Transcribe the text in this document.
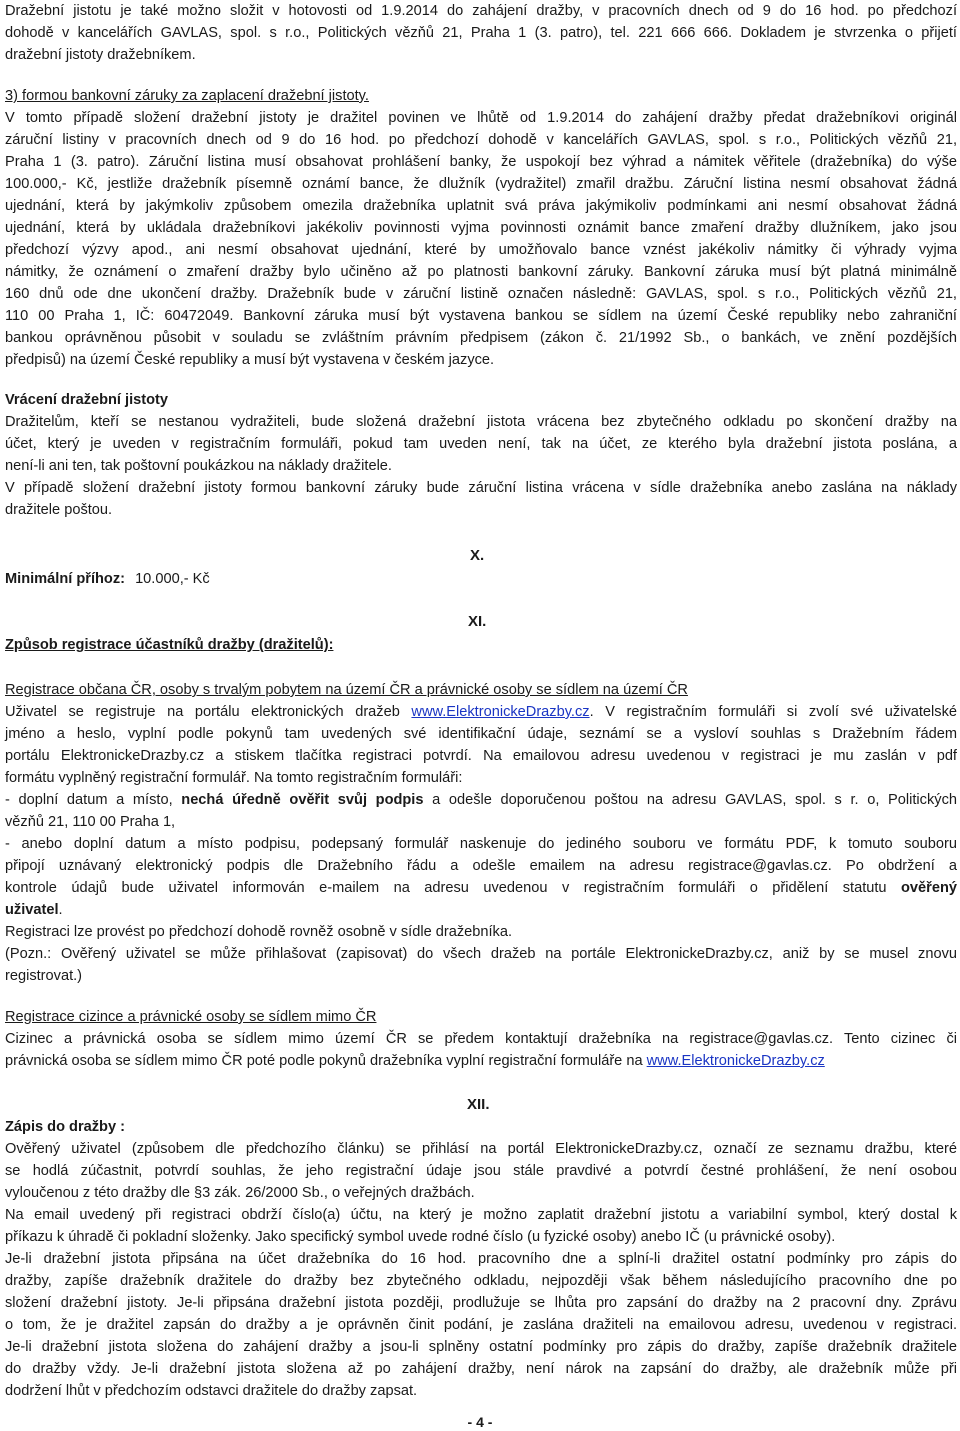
Dražební jistotu je také možno složit v hotovosti od 1.9.2014 do zahájení dražby, v pracovních dnech od 9 do 16 hod. po předchozí
dohodě v kancelářích GAVLAS, spol. s r.o., Politických vězňů 21, Praha 1 (3. patro), tel. 221 666 666. Dokladem je stvrzenka o přijetí
dražební jistoty dražebníkem.
3) formou bankovní záruky za zaplacení dražební jistoty.
V tomto případě složení dražební jistoty je dražitel povinen ve lhůtě od 1.9.2014 do zahájení dražby předat dražebníkovi originál
záruční listiny v pracovních dnech od 9 do 16 hod. po předchozí dohodě v kancelářích GAVLAS, spol. s r.o., Politických vězňů 21,
Praha 1 (3. patro). Záruční listina musí obsahovat prohlášení banky, že uspokojí bez výhrad a námitek věřitele (dražebníka) do výše
100.000,- Kč, jestliže dražebník písemně oznámí bance, že dlužník (vydražitel) zmařil dražbu. Záruční listina nesmí obsahovat žádná
ujednání, která by jakýmkoliv způsobem omezila dražebníka uplatnit svá práva jakýmikoliv podmínkami ani nesmí obsahovat žádná
ujednání, která by ukládala dražebníkovi jakékoliv povinnosti vyjma povinnosti oznámit bance zmaření dražby dlužníkem, jako jsou
předchozí výzvy apod., ani nesmí obsahovat ujednání, které by umožňovalo bance vznést jakékoliv námitky či výhrady vyjma
námitky, že oznámení o zmaření dražby bylo učiněno až po platnosti bankovní záruky. Bankovní záruka musí být platná minimálně
160 dnů ode dne ukončení dražby. Dražebník bude v záruční listině označen následně: GAVLAS, spol. s r.o., Politických vězňů 21,
110 00 Praha 1, IČ: 60472049. Bankovní záruka musí být vystavena bankou se sídlem na území České republiky nebo zahraniční
bankou oprávněnou působit v souladu se zvláštním právním předpisem (zákon č. 21/1992 Sb., o bankách, ve znění pozdějších
předpisů) na území České republiky a musí být vystavena v českém jazyce.
Vrácení dražební jistoty
Dražitelům, kteří se nestanou vydražiteli, bude složená dražební jistota vrácena bez zbytečného odkladu po skončení dražby na
účet, který je uveden v registračním formuláři, pokud tam uveden není, tak na účet, ze kterého byla dražební jistota poslána, a
není-li ani ten, tak poštovní poukázkou na náklady dražitele.
V případě složení dražební jistoty formou bankovní záruky bude záruční listina vrácena v sídle dražebníka anebo zaslána na náklady
dražitele poštou.
X.
Minimální příhoz: 10.000,- Kč
XI.
Způsob registrace účastníků dražby (dražitelů):
Registrace občana ČR, osoby s trvalým pobytem na území ČR a právnické osoby se sídlem na území ČR
Uživatel se registruje na portálu elektronických dražeb www.ElektronickeDrazby.cz. V registračním formuláři si zvolí své uživatelské
jméno a heslo, vyplní podle pokynů tam uvedených své identifikační údaje, seznámí se a vysloví souhlas s Dražebním řádem
portálu ElektronickeDrazby.cz a stiskem tlačítka registraci potvrdí. Na emailovou adresu uvedenou v registraci je mu zaslán v pdf
formátu vyplněný registrační formulář. Na tomto registračním formuláři:
- doplní datum a místo, nechá úředně ověřit svůj podpis a odešle doporučenou poštou na adresu GAVLAS, spol. s r. o, Politických
vězňů 21, 110 00 Praha 1,
- anebo doplní datum a místo podpisu, podepsaný formulář naskenuje do jediného souboru ve formátu PDF, k tomuto souboru
připojí uznávaný elektronický podpis dle Dražebního řádu a odešle emailem na adresu registrace@gavlas.cz. Po obdržení a
kontrole údajů bude uživatel informován e-mailem na adresu uvedenou v registračním formuláři o přidělení statutu ověřený
uživatel.
Registraci lze provést po předchozí dohodě rovněž osobně v sídle dražebníka.
(Pozn.: Ověřený uživatel se může přihlašovat (zapisovat) do všech dražeb na portále ElektronickeDrazby.cz, aniž by se musel znovu
registrovat.)
Registrace cizince a právnické osoby se sídlem mimo ČR
Cizinec a právnická osoba se sídlem mimo území ČR se předem kontaktují dražebníka na registrace@gavlas.cz. Tento cizinec či
právnická osoba se sídlem mimo ČR poté podle pokynů dražebníka vyplní registrační formuláře na www.ElektronickeDrazby.cz
XII.
Zápis do dražby :
Ověřený uživatel (způsobem dle předchozího článku) se přihlásí na portál ElektronickeDrazby.cz, označí ze seznamu dražbu, které
se hodlá zúčastnit, potvrdí souhlas, že jeho registrační údaje jsou stále pravdivé a potvrdí čestné prohlášení, že není osobou
vyloučenou z této dražby dle §3 zák. 26/2000 Sb., o veřejných dražbách.
Na email uvedený při registraci obdrží číslo(a) účtu, na který je možno zaplatit dražební jistotu a variabilní symbol, který dostal k
příkazu k úhradě či pokladní složenky. Jako specifický symbol uvede rodné číslo (u fyzické osoby) anebo IČ (u právnické osoby).
Je-li dražební jistota připsána na účet dražebníka do 16 hod. pracovního dne a splní-li dražitel ostatní podmínky pro zápis do
dražby, zapíše dražebník dražitele do dražby bez zbytečného odkladu, nejpozději však během následujícího pracovního dne po
složení dražební jistoty. Je-li připsána dražební jistota později, prodlužuje se lhůta pro zapsání do dražby na 2 pracovní dny. Zprávu
o tom, že je dražitel zapsán do dražby a je oprávněn činit podání, je zaslána dražiteli na emailovou adresu, uvedenou v registraci.
Je-li dražební jistota složena do zahájení dražby a jsou-li splněny ostatní podmínky pro zápis do dražby, zapíše dražebník dražitele
do dražby vždy. Je-li dražební jistota složena až po zahájení dražby, není nárok na zapsání do dražby, ale dražebník může při
dodržení lhůt v předchozím odstavci dražitele do dražby zapsat.
- 4 -
